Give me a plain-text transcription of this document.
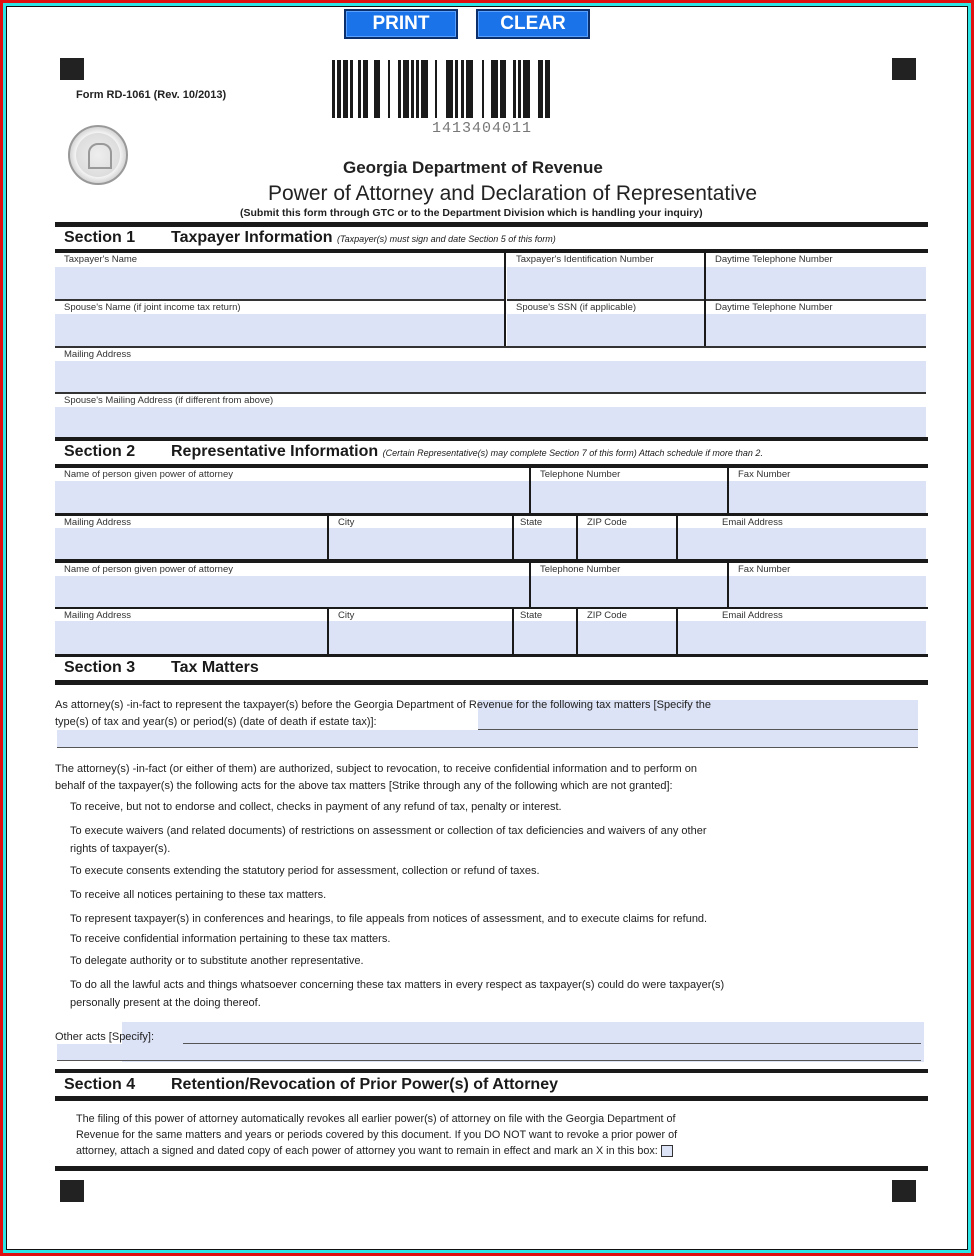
PRINT	CLEAR
Form RD-1061 (Rev. 10/2013)
1413404011
Georgia Department of Revenue
Power of Attorney and Declaration of Representative
(Submit this form through GTC or to the Department Division which is handling your inquiry)
Section 1 Taxpayer Information (Taxpayer(s) must sign and date Section 5 of this form)
Taxpayer's Name	Taxpayer's Identification Number	Daytime Telephone Number
Spouse's Name (if joint income tax return)	Spouse's SSN (if applicable)	Daytime Telephone Number
Mailing Address
Spouse's Mailing Address (if different from above)
Section 2 Representative Information (Certain Representative(s) may complete Section 7 of this form) Attach schedule if more than 2.
Name of person given power of attorney	Telephone Number	Fax Number
Mailing Address	City	State	ZIP Code	Email Address
Name of person given power of attorney	Telephone Number	Fax Number
Mailing Address	City	State	ZIP Code	Email Address
Section 3 Tax Matters
As attorney(s) -in-fact to represent the taxpayer(s) before the Georgia Department of Revenue for the following tax matters [Specify the
type(s) of tax and year(s) or period(s) (date of death if estate tax)]:
The attorney(s) -in-fact (or either of them) are authorized, subject to revocation, to receive confidential information and to perform on
behalf of the taxpayer(s) the following acts for the above tax matters [Strike through any of the following which are not granted]:
To receive, but not to endorse and collect, checks in payment of any refund of tax, penalty or interest.
To execute waivers (and related documents) of restrictions on assessment or collection of tax deficiencies and waivers of any other
rights of taxpayer(s).
To execute consents extending the statutory period for assessment, collection or refund of taxes.
To receive all notices pertaining to these tax matters.
To represent taxpayer(s) in conferences and hearings, to file appeals from notices of assessment, and to execute claims for refund.
To receive confidential information pertaining to these tax matters.
To delegate authority or to substitute another representative.
To do all the lawful acts and things whatsoever concerning these tax matters in every respect as taxpayer(s) could do were taxpayer(s)
personally present at the doing thereof.
Other acts [Specify]:
Section 4 Retention/Revocation of Prior Power(s) of Attorney
The filing of this power of attorney automatically revokes all earlier power(s) of attorney on file with the Georgia Department of
Revenue for the same matters and years or periods covered by this document. If you DO NOT want to revoke a prior power of
attorney, attach a signed and dated copy of each power of attorney you want to remain in effect and mark an X in this box:
